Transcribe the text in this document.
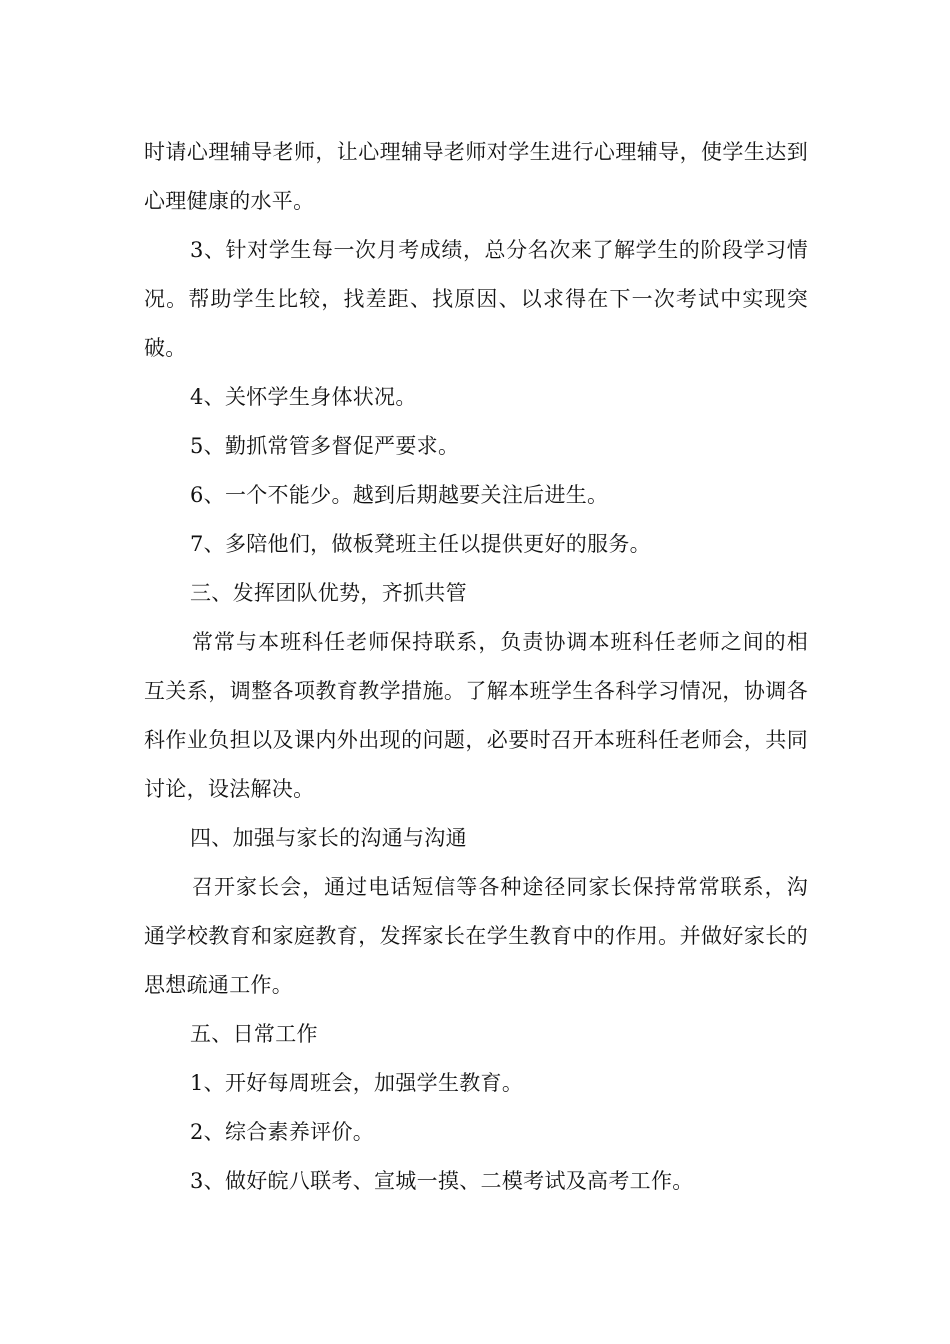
时请心理辅导老师，让心理辅导老师对学生进行心理辅导，使学生达到心理健康的水平。

3、针对学生每一次月考成绩，总分名次来了解学生的阶段学习情况。帮助学生比较，找差距、找原因、以求得在下一次考试中实现突破。

4、关怀学生身体状况。

5、勤抓常管多督促严要求。

6、一个不能少。越到后期越要关注后进生。

7、多陪他们，做板凳班主任以提供更好的服务。

三、发挥团队优势，齐抓共管

常常与本班科任老师保持联系，负责协调本班科任老师之间的相互关系，调整各项教育教学措施。了解本班学生各科学习情况，协调各科作业负担以及课内外出现的问题，必要时召开本班科任老师会，共同讨论，设法解决。

四、加强与家长的沟通与沟通

召开家长会，通过电话短信等各种途径同家长保持常常联系，沟通学校教育和家庭教育，发挥家长在学生教育中的作用。并做好家长的思想疏通工作。

五、日常工作

1、开好每周班会，加强学生教育。

2、综合素养评价。

3、做好皖八联考、宣城一摸、二模考试及高考工作。
